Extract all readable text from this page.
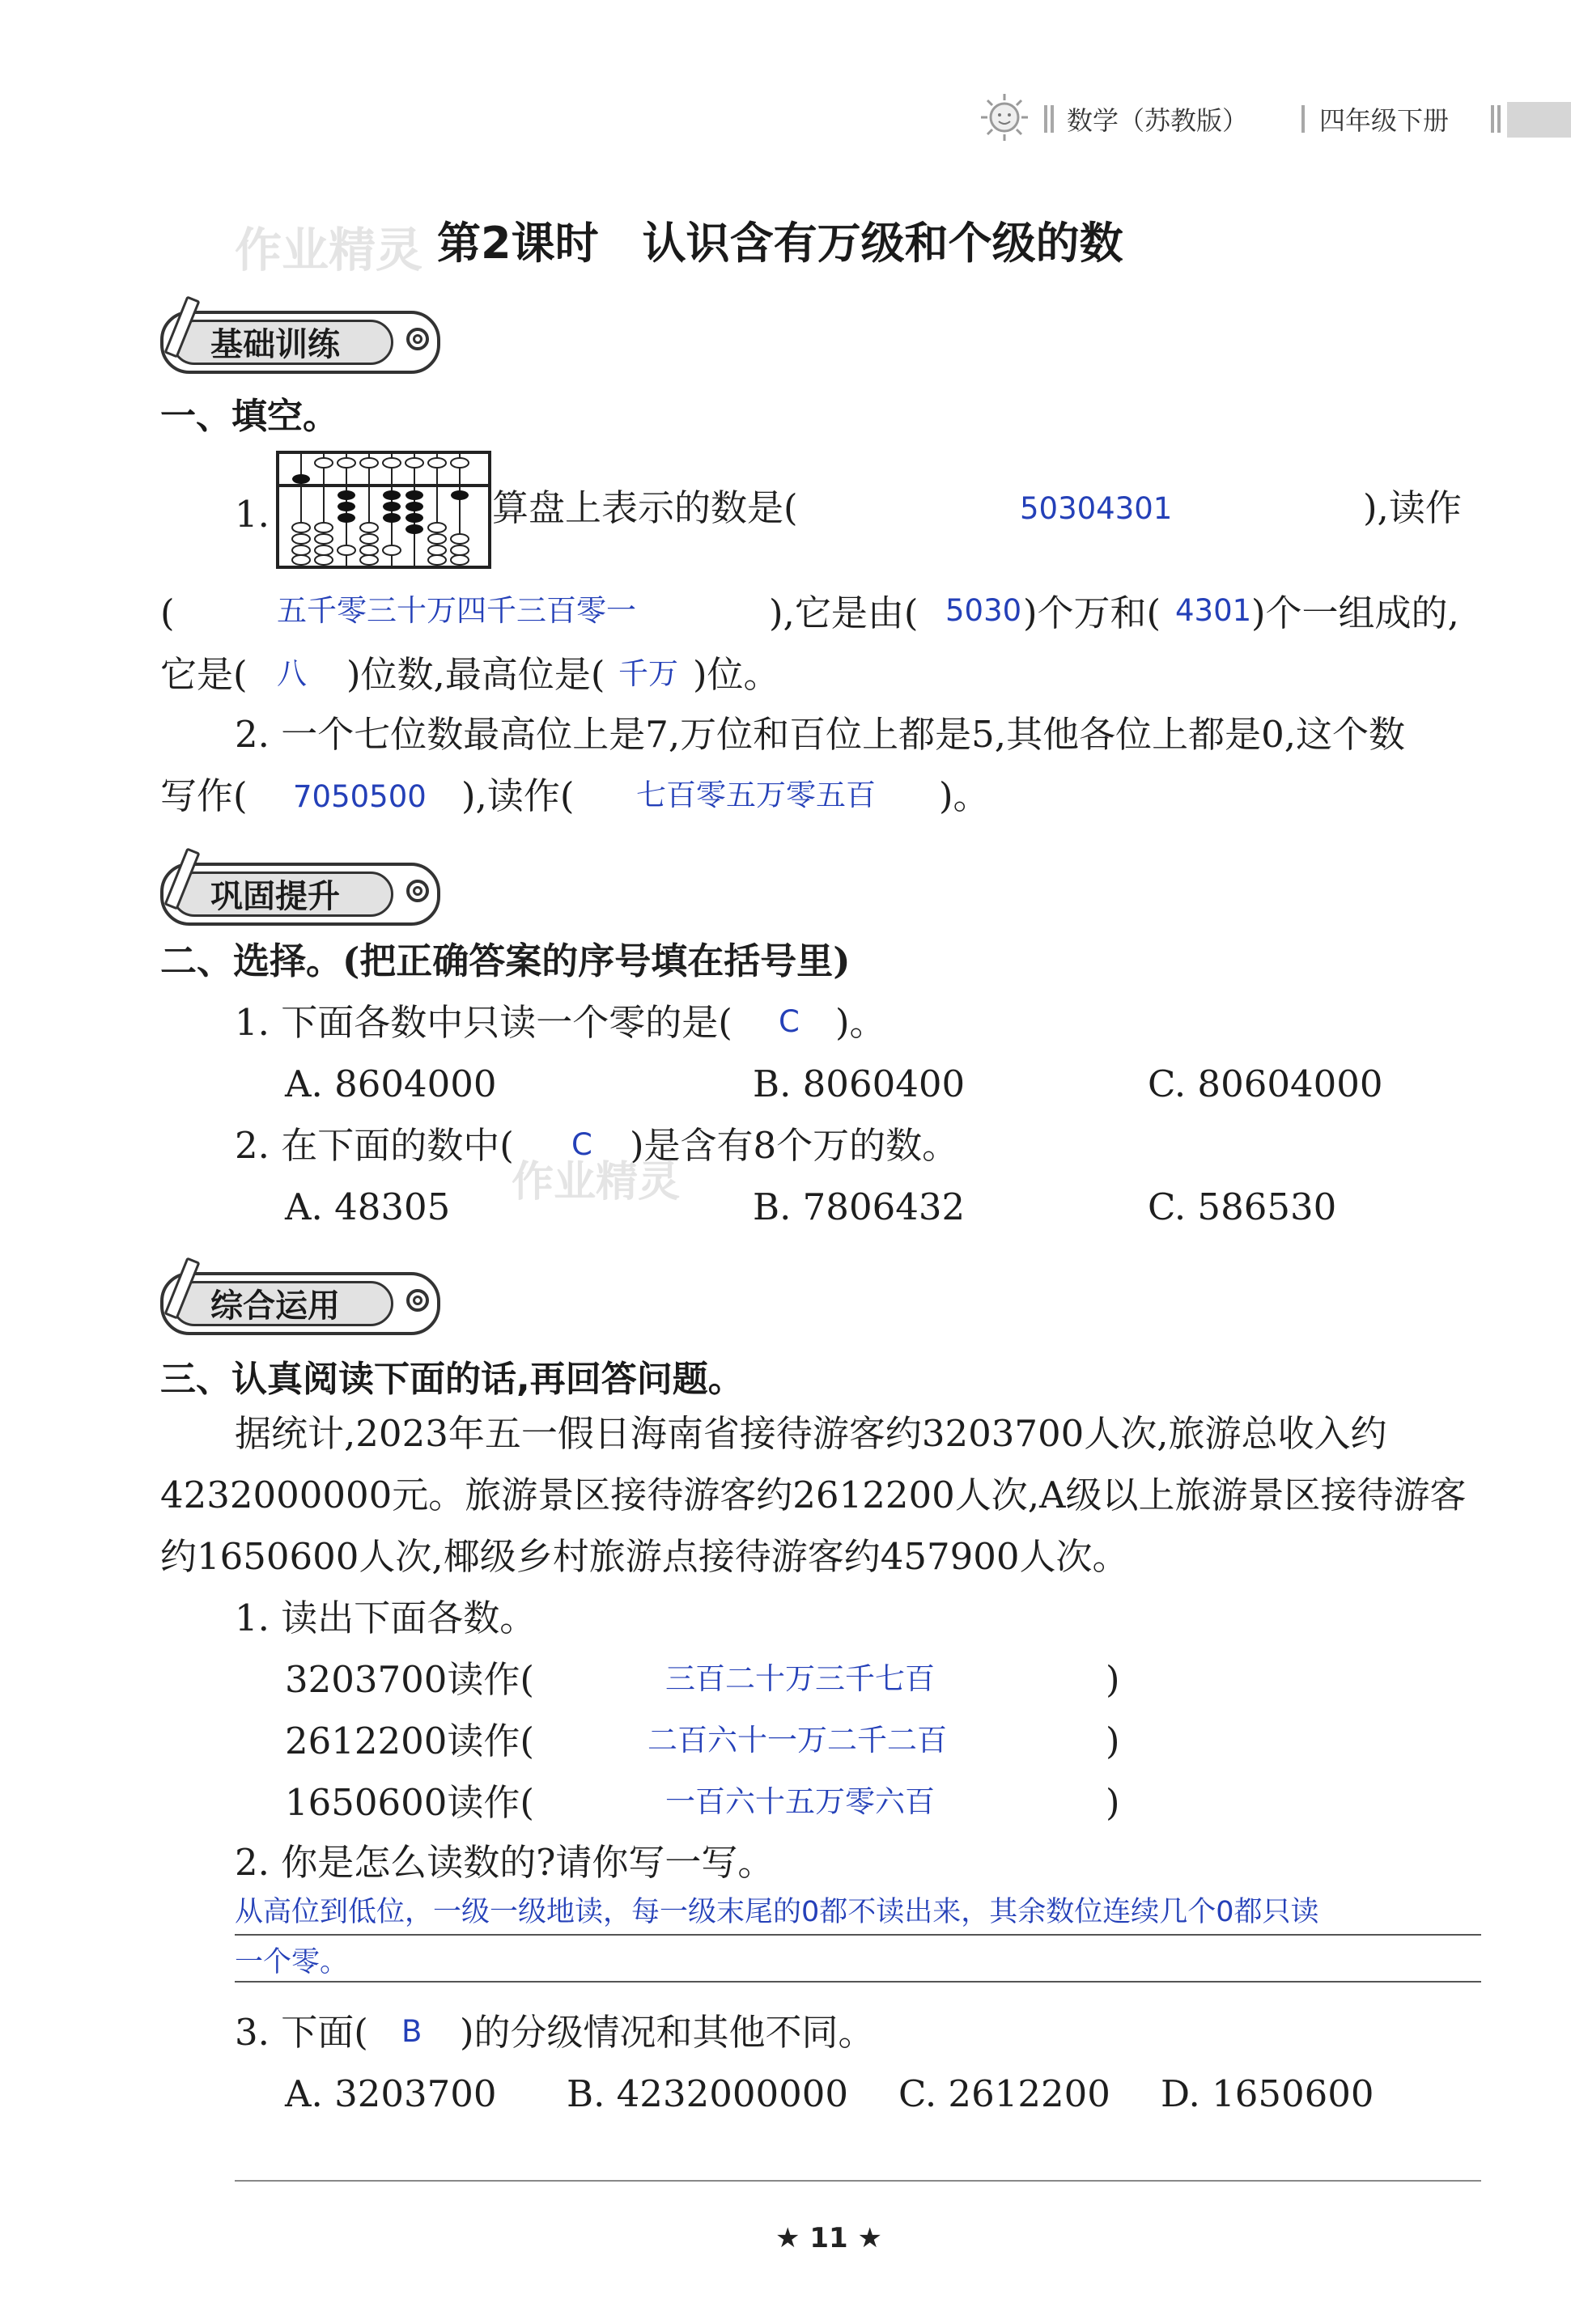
数学（苏教版）	四年级下册
作业精灵 第2课时　认识含有万级和个级的数
基础训练
一、填空。
1.	算盘上表示的数是(	50304301	),读作
(	五千零三十万四千三百零一	),它是由( 5030 )个万和( 4301 )个一组成的,
它是( 八 )位数,最高位是( 千万 )位。
2. 一个七位数最高位上是7,万位和百位上都是5,其他各位上都是0,这个数
写作( 7050500 ),读作( 七百零五万零五百 )。
巩固提升
二、选择。(把正确答案的序号填在括号里)
1. 下面各数中只读一个零的是( C )。
A. 8604000	B. 8060400	C. 80604000
2. 在下面的数中( C )是含有8个万的数。
作业精灵
A. 48305	B. 7806432	C. 586530
综合运用
三、认真阅读下面的话,再回答问题。
据统计,2023年五一假日海南省接待游客约3203700人次,旅游总收入约
4232000000元。旅游景区接待游客约2612200人次,A级以上旅游景区接待游客
约1650600人次,椰级乡村旅游点接待游客约457900人次。
1. 读出下面各数。
3203700读作(	三百二十万三千七百	)
2612200读作(	二百六十一万二千二百	)
1650600读作(	一百六十五万零六百	)
2. 你是怎么读数的?请你写一写。
从高位到低位，一级一级地读，每一级末尾的0都不读出来，其余数位连续几个0都只读
一个零。
3. 下面( B )的分级情况和其他不同。
A. 3203700 B. 4232000000 C. 2612200 D. 1650600
★ 11 ★
